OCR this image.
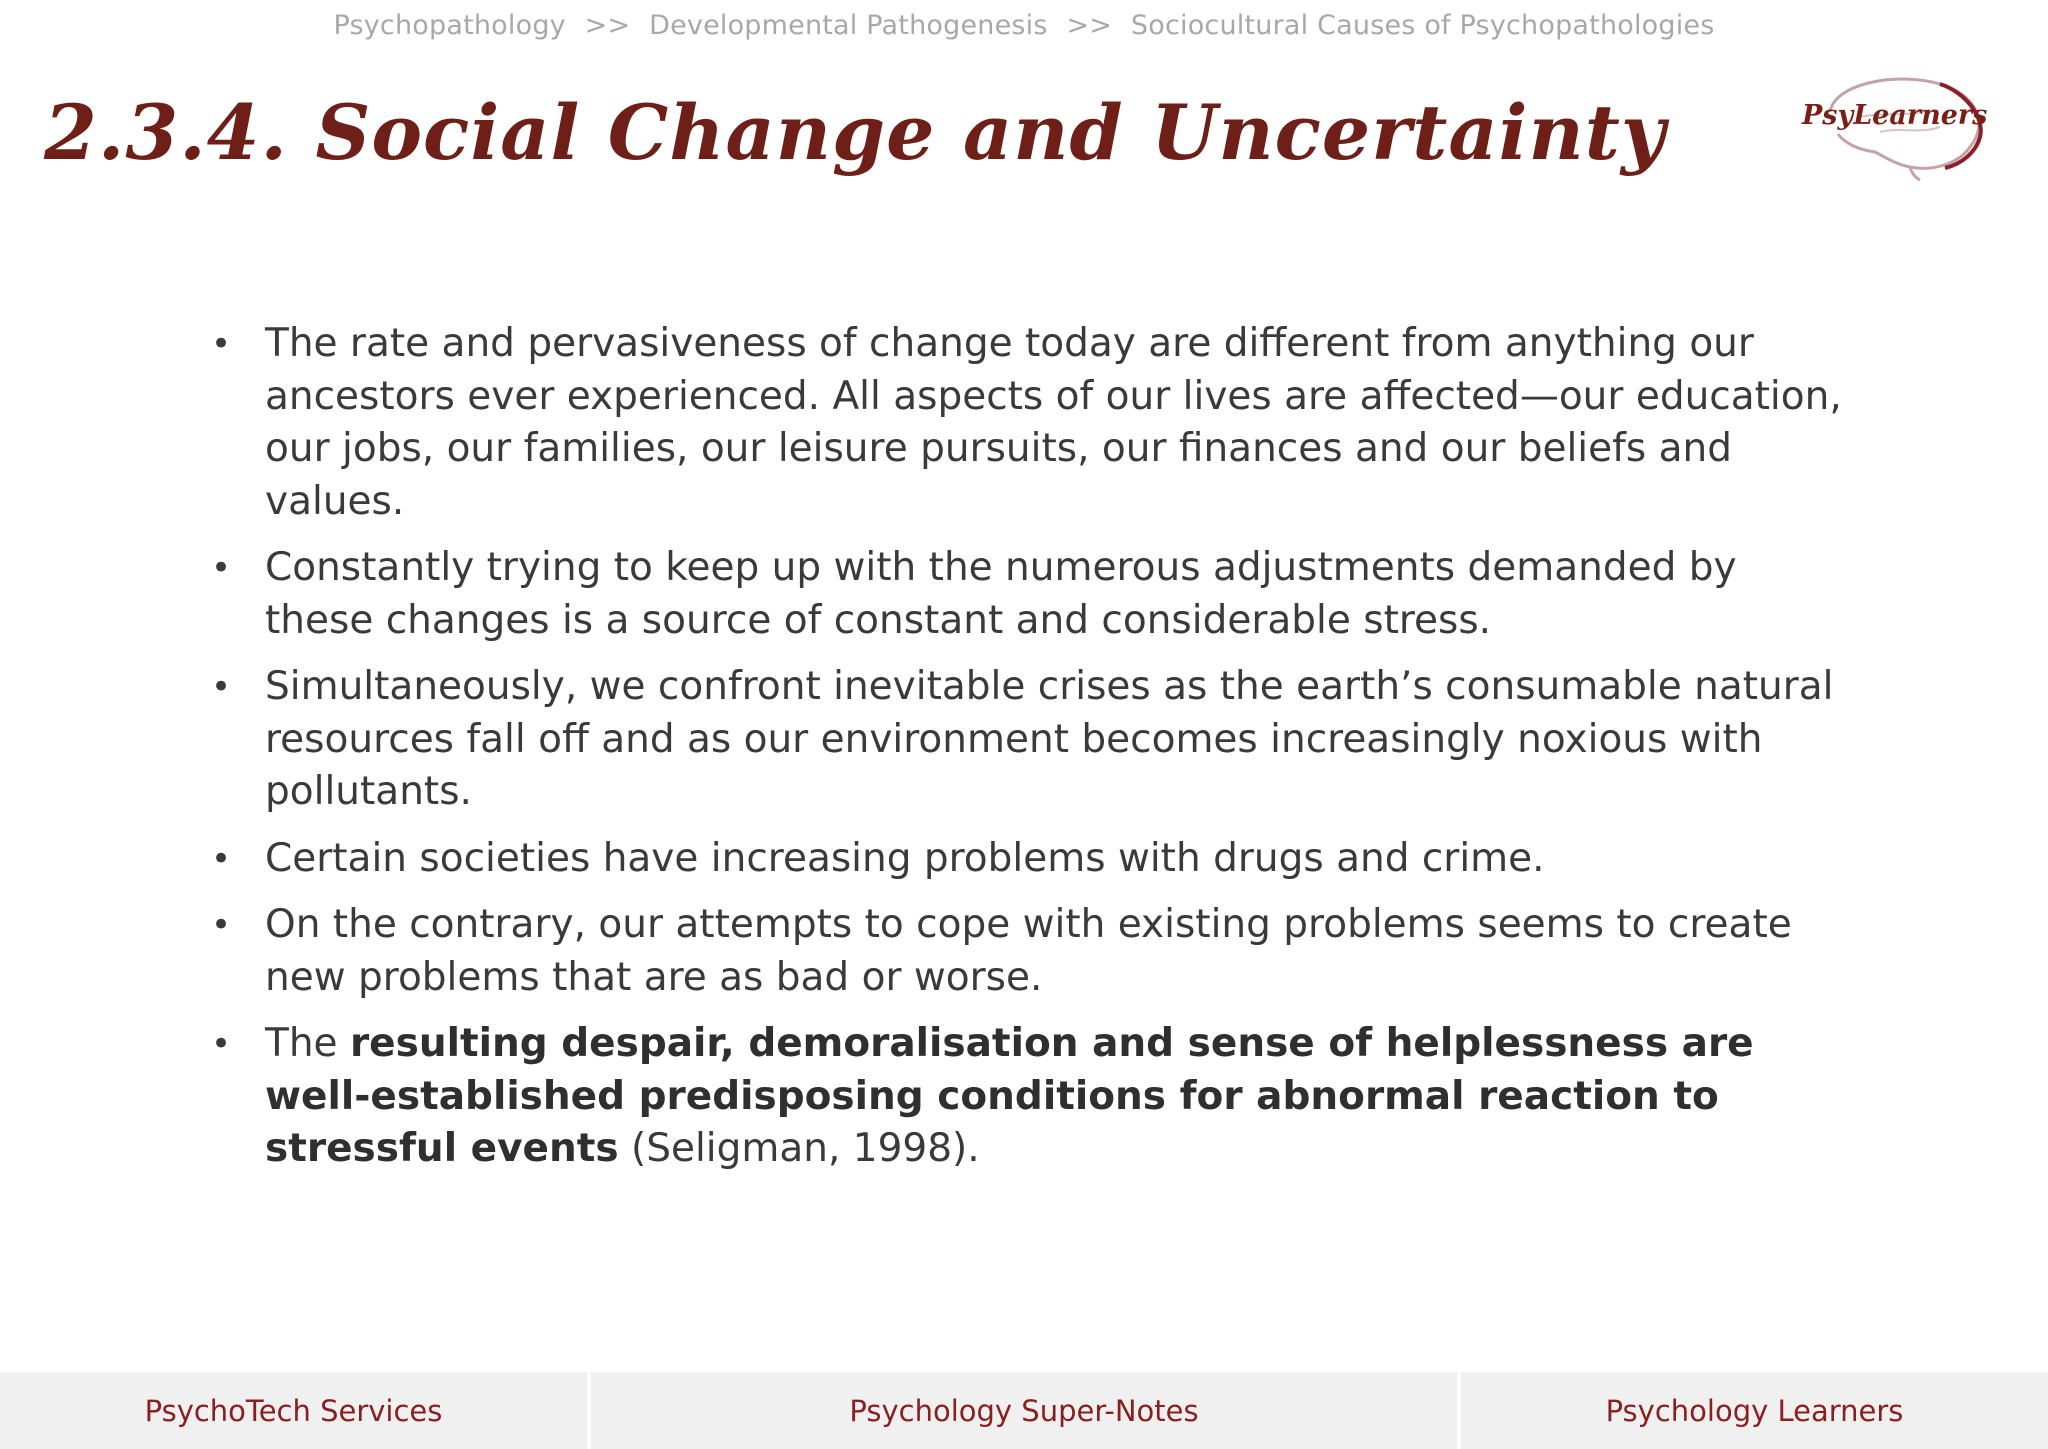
Psychopathology >> Developmental Pathogenesis >> Sociocultural Causes of Psychopathologies
2.3.4. Social Change and Uncertainty	PsyLearners
• The rate and pervasiveness of change today are different from anything our ancestors ever experienced. All aspects of our lives are affected—our education, our jobs, our families, our leisure pursuits, our finances and our beliefs and values.
• Constantly trying to keep up with the numerous adjustments demanded by these changes is a source of constant and considerable stress.
• Simultaneously, we confront inevitable crises as the earth’s consumable natural resources fall off and as our environment becomes increasingly noxious with pollutants.
• Certain societies have increasing problems with drugs and crime.
• On the contrary, our attempts to cope with existing problems seems to create new problems that are as bad or worse.
• The resulting despair, demoralisation and sense of helplessness are well-established predisposing conditions for abnormal reaction to stressful events (Seligman, 1998).
PsychoTech Services	Psychology Super-Notes	Psychology Learners
